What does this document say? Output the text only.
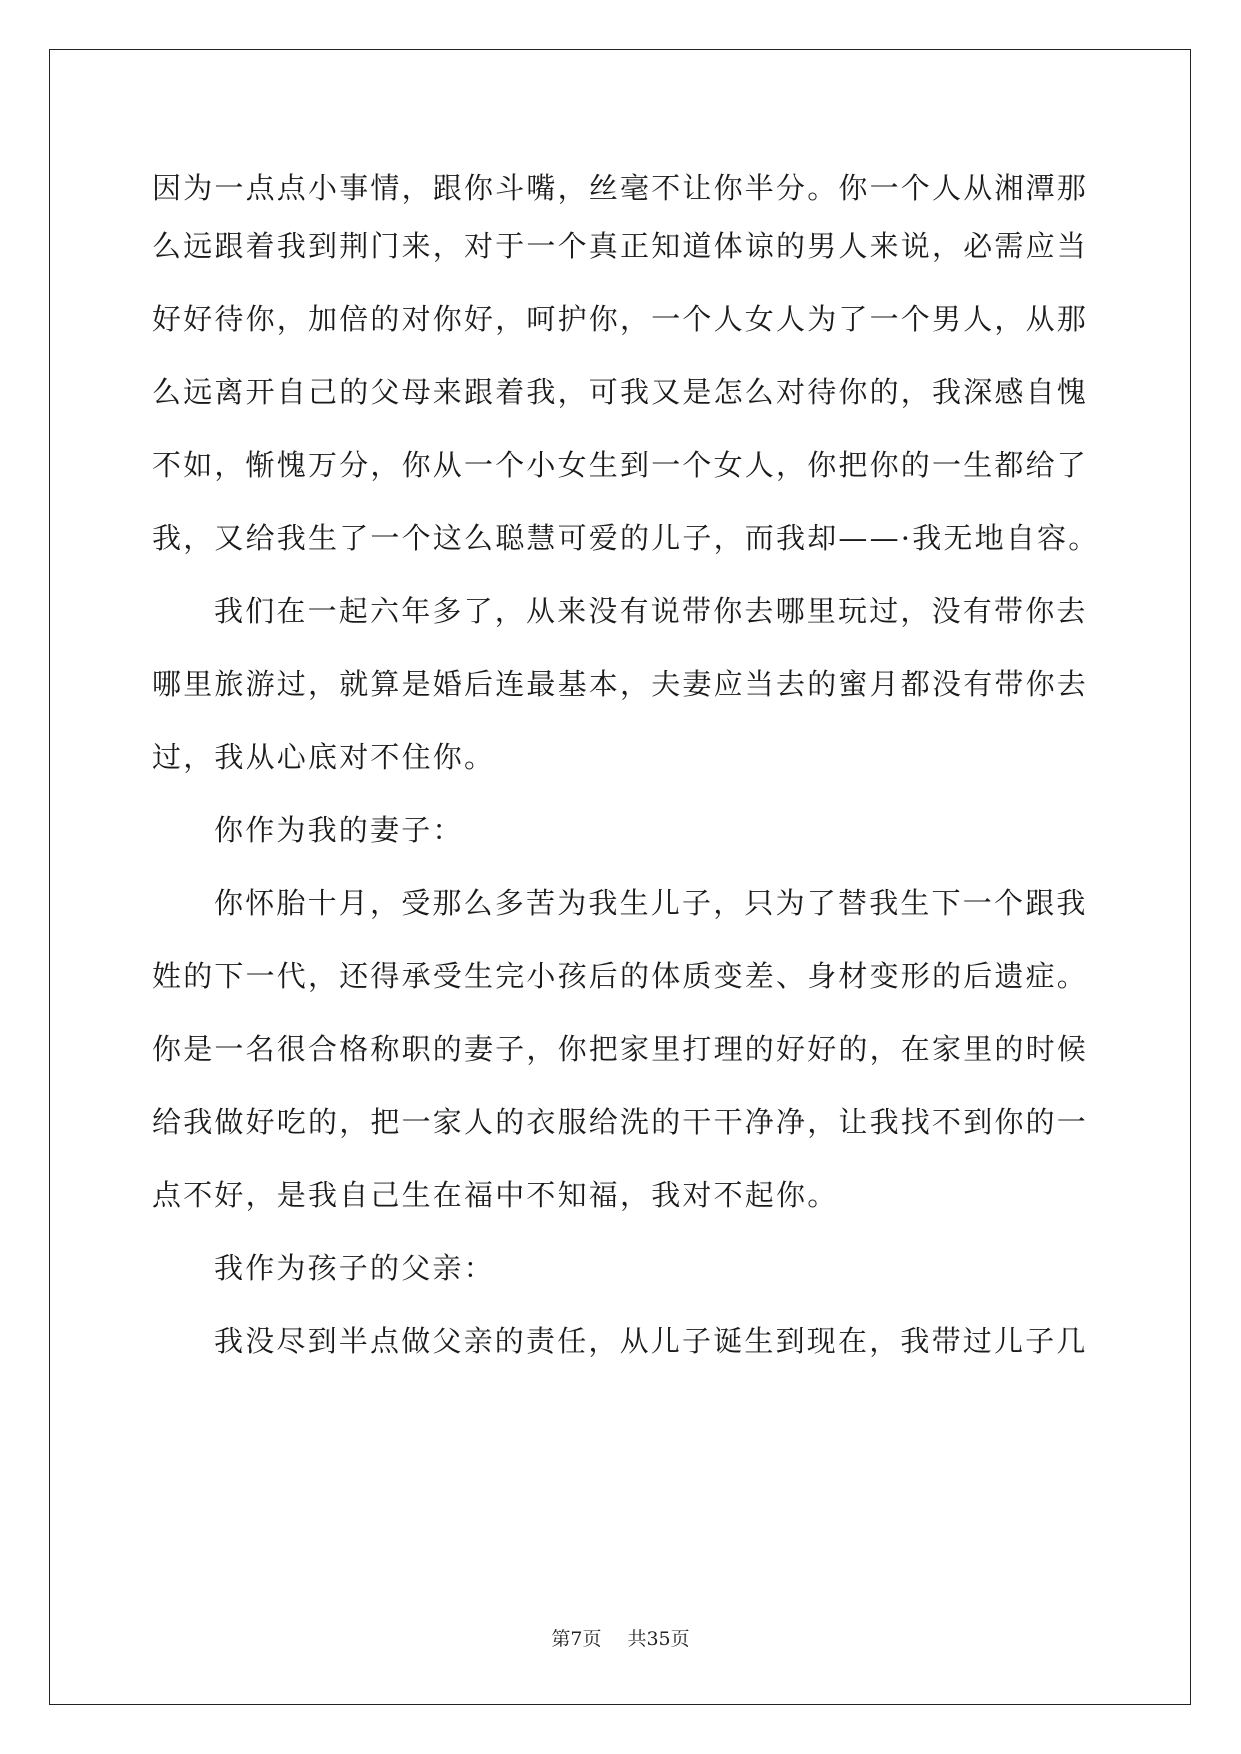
因为一点点小事情，跟你斗嘴，丝毫不让你半分。你一个人从湘潭那
么远跟着我到荆门来，对于一个真正知道体谅的男人来说，必需应当
好好待你，加倍的对你好，呵护你，一个人女人为了一个男人，从那
么远离开自己的父母来跟着我，可我又是怎么对待你的，我深感自愧
不如，惭愧万分，你从一个小女生到一个女人，你把你的一生都给了
我，又给我生了一个这么聪慧可爱的儿子，而我却——·我无地自容。
我们在一起六年多了，从来没有说带你去哪里玩过，没有带你去
哪里旅游过，就算是婚后连最基本，夫妻应当去的蜜月都没有带你去
过，我从心底对不住你。
你作为我的妻子：
你怀胎十月，受那么多苦为我生儿子，只为了替我生下一个跟我
姓的下一代，还得承受生完小孩后的体质变差、身材变形的后遗症。
你是一名很合格称职的妻子，你把家里打理的好好的，在家里的时候
给我做好吃的，把一家人的衣服给洗的干干净净，让我找不到你的一
点不好，是我自己生在福中不知福，我对不起你。
我作为孩子的父亲：
我没尽到半点做父亲的责任，从儿子诞生到现在，我带过儿子几
第7页 共35页
